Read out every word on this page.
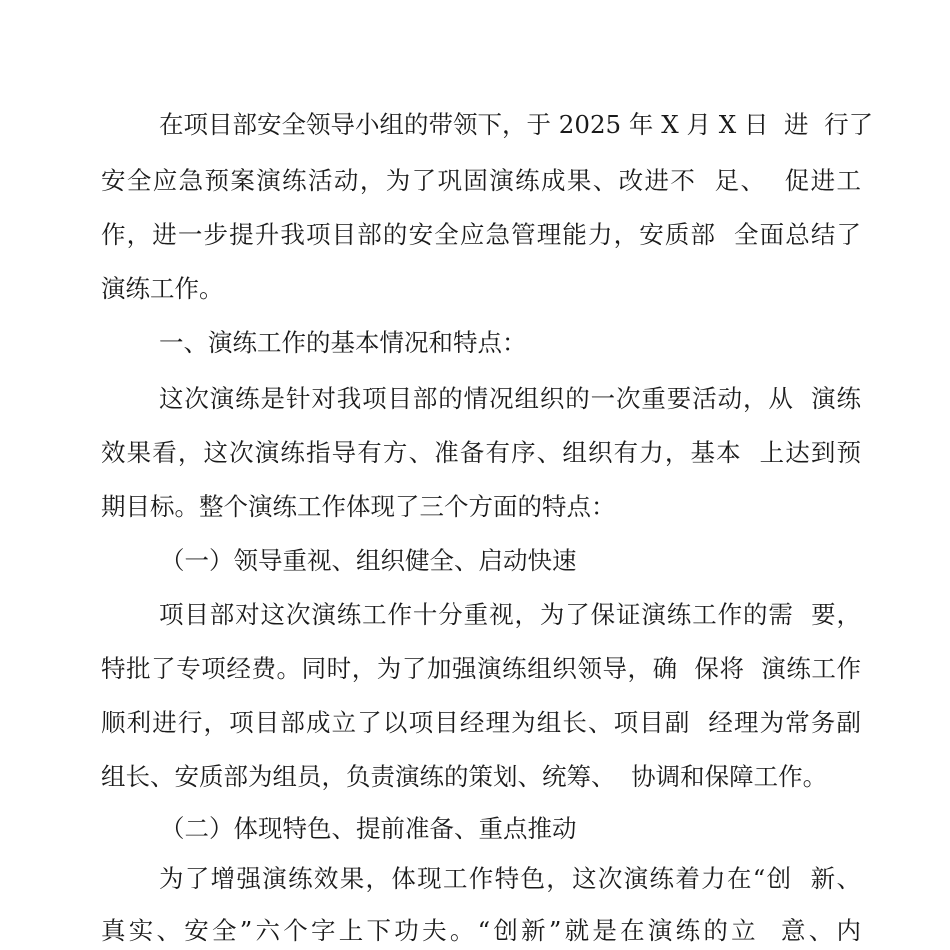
在项目部安全领导小组的带领下，于 2025 年 X 月 X 日  进  行了
安全应急预案演练活动，为了巩固演练成果、改进不  足、  促进工
作，进一步提升我项目部的安全应急管理能力，安质部  全面总结了
演练工作。
一、演练工作的基本情况和特点：
这次演练是针对我项目部的情况组织的一次重要活动，从  演练
效果看，这次演练指导有方、准备有序、组织有力，基本  上达到预
期目标。整个演练工作体现了三个方面的特点：
（一）领导重视、组织健全、启动快速
项目部对这次演练工作十分重视，为了保证演练工作的需  要，
特批了专项经费。同时，为了加强演练组织领导，确  保将  演练工作
顺利进行，项目部成立了以项目经理为组长、项目副  经理为常务副
组长、安质部为组员，负责演练的策划、统筹、  协调和保障工作。
（二）体现特色、提前准备、重点推动
为了增强演练效果，体现工作特色，这次演练着力在“创  新、
真实、安全”六个字上下功夫。“创新”就是在演练的立  意、内
